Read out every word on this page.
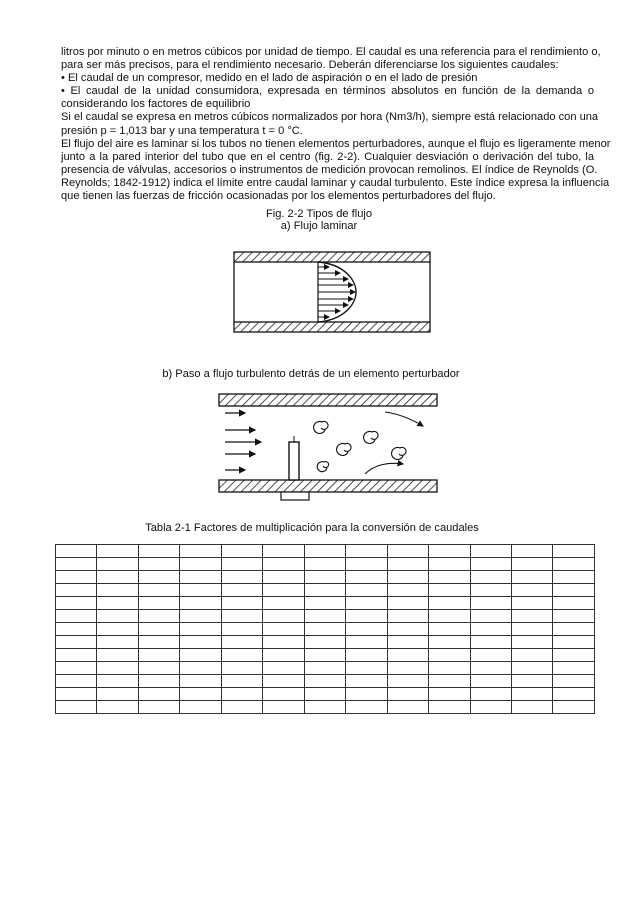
litros por minuto o en metros cúbicos por unidad de tiempo. El caudal es una referencia para el rendimiento o,
para ser más precisos, para el rendimiento necesario. Deberán diferenciarse los siguientes caudales:
• El caudal de un compresor, medido en el lado de aspiración o en el lado de presión
• El caudal de la unidad consumidora, expresada en términos absolutos en función de la demanda o
considerando los factores de equilibrio
Si el caudal se expresa en metros cúbicos normalizados por hora (Nm3/h), siempre está relacionado con una
presión p = 1,013 bar y una temperatura t = 0 °C.
El flujo del aire es laminar si los tubos no tienen elementos perturbadores, aunque el flujo es ligeramente menor
junto a la pared interior del tubo que en el centro (fig. 2-2). Cualquier desviación o derivación del tubo, la
presencia de válvulas, accesorios o instrumentos de medición provocan remolinos. El índice de Reynolds (O.
Reynolds; 1842-1912) indica el límite entre caudal laminar y caudal turbulento. Este índice expresa la influencia
que tienen las fuerzas de fricción ocasionadas por los elementos perturbadores del flujo.
Fig. 2-2 Tipos de flujo
a) Flujo laminar
b) Paso a flujo turbulento detrás de un elemento perturbador
Tabla 2-1 Factores de multiplicación para la conversión de caudales
